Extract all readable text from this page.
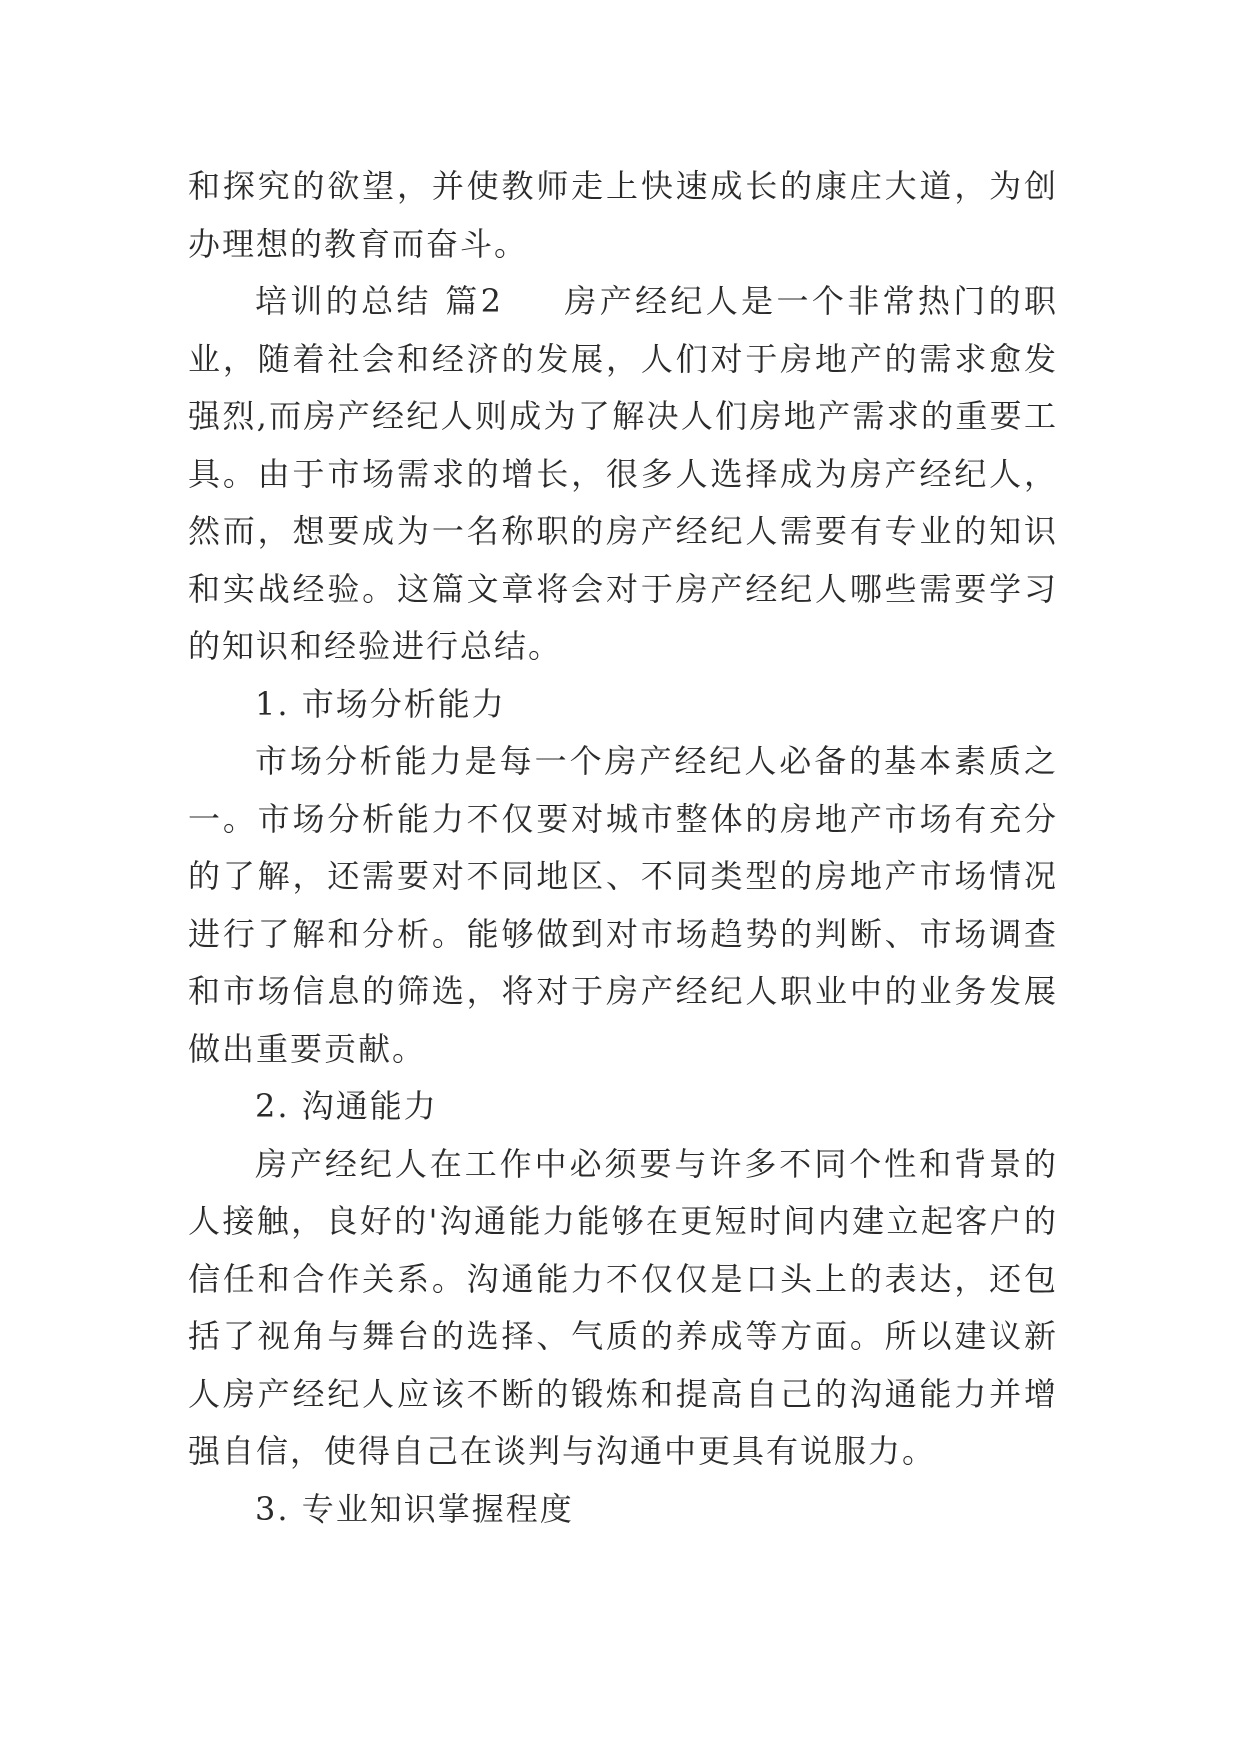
和探究的欲望，并使教师走上快速成长的康庄大道，为创办理想的教育而奋斗。

培训的总结 篇2 房产经纪人是一个非常热门的职业，随着社会和经济的发展，人们对于房地产的需求愈发强烈,而房产经纪人则成为了解决人们房地产需求的重要工具。由于市场需求的增长，很多人选择成为房产经纪人，然而，想要成为一名称职的房产经纪人需要有专业的知识和实战经验。这篇文章将会对于房产经纪人哪些需要学习的知识和经验进行总结。

1. 市场分析能力

市场分析能力是每一个房产经纪人必备的基本素质之一。市场分析能力不仅要对城市整体的房地产市场有充分的了解，还需要对不同地区、不同类型的房地产市场情况进行了解和分析。能够做到对市场趋势的判断、市场调查和市场信息的筛选，将对于房产经纪人职业中的业务发展做出重要贡献。

2. 沟通能力

房产经纪人在工作中必须要与许多不同个性和背景的人接触，良好的'沟通能力能够在更短时间内建立起客户的信任和合作关系。沟通能力不仅仅是口头上的表达，还包括了视角与舞台的选择、气质的养成等方面。所以建议新人房产经纪人应该不断的锻炼和提高自己的沟通能力并增强自信，使得自己在谈判与沟通中更具有说服力。

3. 专业知识掌握程度
